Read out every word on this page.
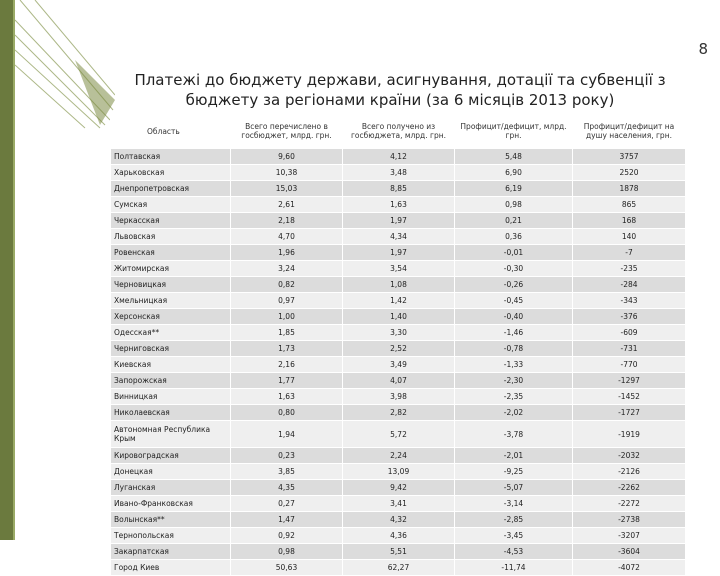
8
Платежі до бюджету держави, асигнування, дотації та субвенції з
бюджету за регіонами країни (за 6 місяців 2013 року)
Область	Всего перечислено в госбюджет, млрд. грн.	Всего получено из госбюджета, млрд. грн.	Профицит/дефицит, млрд. грн.	Профицит/дефицит на душу населения, грн.
Полтавская	9,60	4,12	5,48	3757
Харьковская	10,38	3,48	6,90	2520
Днепропетровская	15,03	8,85	6,19	1878
Сумская	2,61	1,63	0,98	865
Черкасская	2,18	1,97	0,21	168
Львовская	4,70	4,34	0,36	140
Ровенская	1,96	1,97	-0,01	-7
Житомирская	3,24	3,54	-0,30	-235
Черновицкая	0,82	1,08	-0,26	-284
Хмельницкая	0,97	1,42	-0,45	-343
Херсонская	1,00	1,40	-0,40	-376
Одесская**	1,85	3,30	-1,46	-609
Черниговская	1,73	2,52	-0,78	-731
Киевская	2,16	3,49	-1,33	-770
Запорожская	1,77	4,07	-2,30	-1297
Винницкая	1,63	3,98	-2,35	-1452
Николаевская	0,80	2,82	-2,02	-1727
Автономная Республика Крым	1,94	5,72	-3,78	-1919
Кировоградская	0,23	2,24	-2,01	-2032
Донецкая	3,85	13,09	-9,25	-2126
Луганская	4,35	9,42	-5,07	-2262
Ивано-Франковская	0,27	3,41	-3,14	-2272
Волынская**	1,47	4,32	-2,85	-2738
Тернопольская	0,92	4,36	-3,45	-3207
Закарпатская	0,98	5,51	-4,53	-3604
Город Киев	50,63	62,27	-11,74	-4072
